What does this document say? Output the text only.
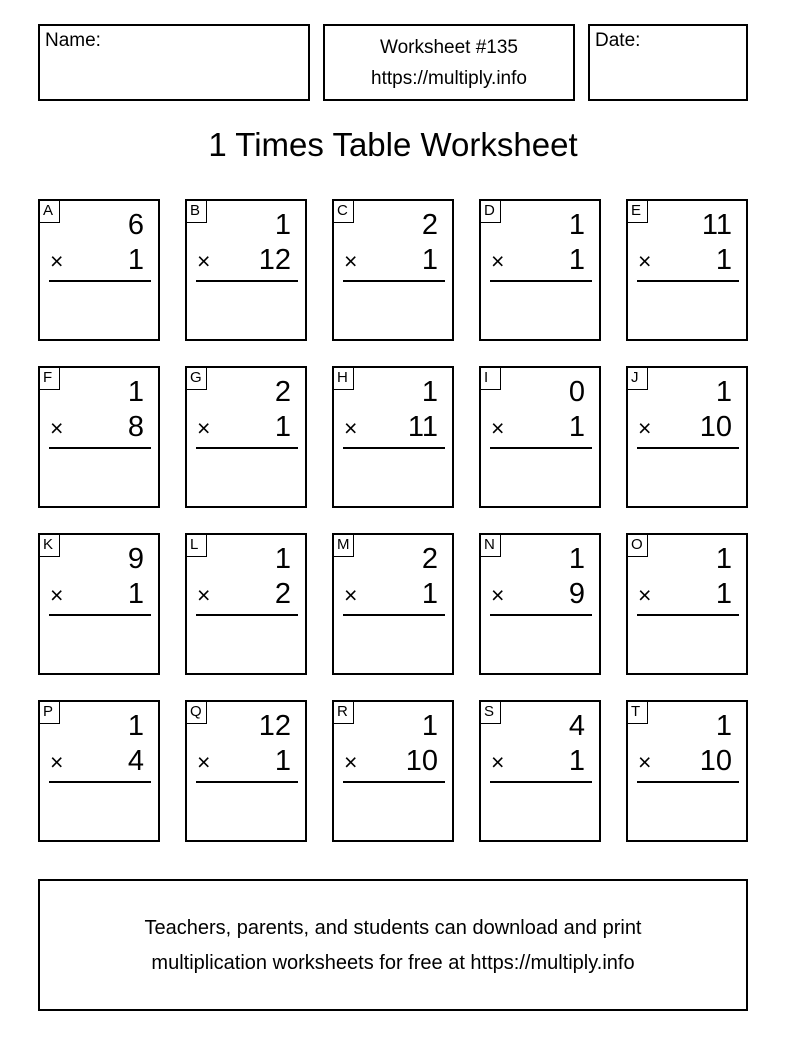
Name:	Worksheet #135
https://multiply.info
Date:
1 Times Table Worksheet
A	6
× 1
B	1
× 12
C	2
× 1
D	1
× 1
E 11
× 1
F	1
× 8
G	2
× 1
H	1
× 11
I	0
× 1
J	1
× 10
K	9
× 1
L	1
× 2
M 2
× 1
N	1
× 9
O	1
× 1
P	1
× 4
Q 12
× 1
R	1
× 10
S	4
× 1
T	1
× 10
Teachers, parents, and students can download and print
multiplication worksheets for free at https://multiply.info
